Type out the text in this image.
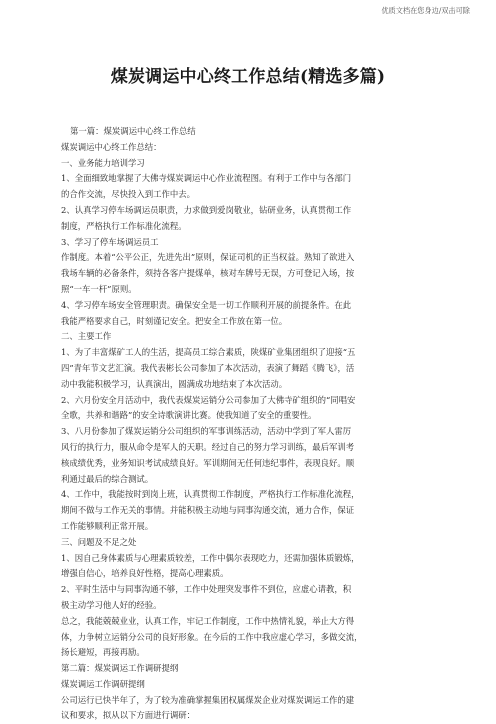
优质文档在您身边/双击可除
煤炭调运中心终工作总结(精选多篇)
第一篇：煤炭调运中心终工作总结
煤炭调运中心终工作总结：
一、业务能力培训学习
1、全面细致地掌握了大佛寺煤炭调运中心作业流程图。有利于工作中与各部门
的合作交流，尽快投入到工作中去。
2、认真学习停车场调运员职责，力求做到爱岗敬业，钻研业务，认真贯彻工作
制度，严格执行工作标准化流程。
3、学习了停车场调运员工
作制度。本着“公平公正，先进先出”原则，保证司机的正当权益。熟知了欲进入
我场车辆的必备条件，须持各客户提煤单，核对车牌号无误，方可登记入场，按
照“一车一杆”原则。
4、学习停车场安全管理职责。确保安全是一切工作顺利开展的前提条件。在此
我能严格要求自己，时刻谨记安全。把安全工作放在第一位。
二、主要工作
1、为了丰富煤矿工人的生活，提高员工综合素质，陕煤矿业集团组织了迎接“五
四”青年节文艺汇演。我代表彬长公司参加了本次活动，表演了舞蹈《腾飞》，活
动中我能积极学习，认真演出，圆满成功地结束了本次活动。
2、六月份安全月活动中，我代表煤炭运销分公司参加了大佛寺矿组织的“同唱安
全歌，共养和谐路”的安全诗歌演讲比赛。使我知道了安全的重要性。
3、八月份参加了煤炭运销分公司组织的军事训练活动，活动中学到了军人雷厉
风行的执行力，服从命令是军人的天职。经过自己的努力学习训练，最后军训考
核成绩优秀，业务知识考试成绩良好。军训期间无任何违纪事件，表现良好。顺
利通过最后的综合测试。
4、工作中，我能按时到岗上班，认真贯彻工作制度，严格执行工作标准化流程，
期间不做与工作无关的事情。并能积极主动地与同事沟通交流，通力合作，保证
工作能够顺利正常开展。
三、问题及不足之处
1、因自己身体素质与心理素质较差，工作中偶尔表现吃力，还需加强体质锻炼，
增强自信心，培养良好性格，提高心理素质。
2、平时生活中与同事沟通不够，工作中处理突发事件不到位，应虚心请教，积
极主动学习他人好的经验。
总之，我能兢兢业业，认真工作，牢记工作制度，工作中热情礼貌，举止大方得
体，力争树立运销分公司的良好形象。在今后的工作中我应虚心学习，多做交流，
扬长避短，再接再励。
第二篇：煤炭调运工作调研提纲
煤炭调运工作调研提纲
公司运行已快半年了，为了较为准确掌握集团权属煤炭企业对煤炭调运工作的建
议和要求，拟从以下方面进行调研：
